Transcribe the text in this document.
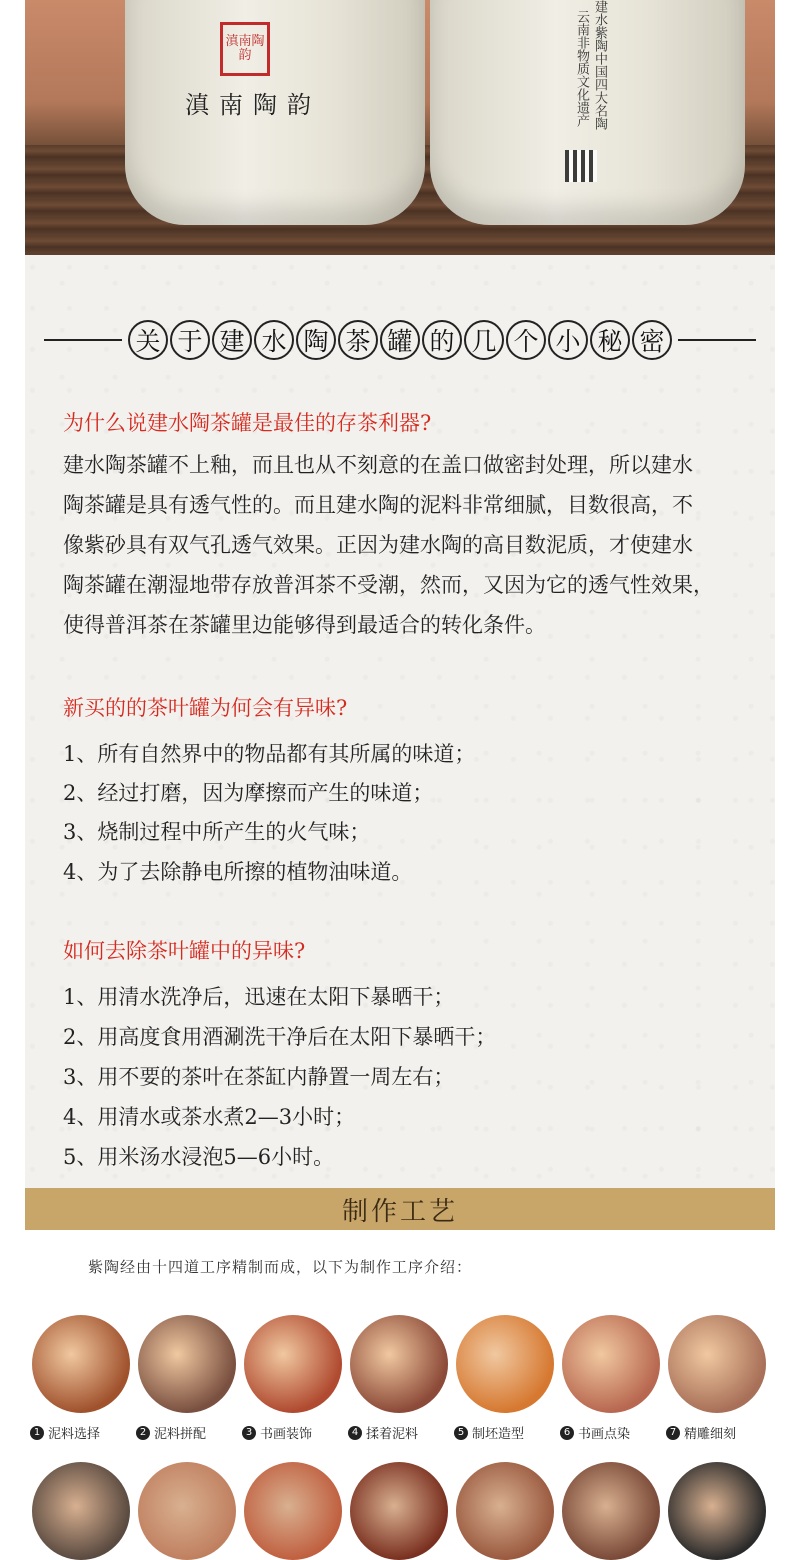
滇南陶韵
滇南陶韵	建水紫陶中国四大名陶
云南非物质文化遗产
关 于 建 水 陶 茶 罐 的 几 个 小 秘 密
为什么说建水陶茶罐是最佳的存茶利器?
建水陶茶罐不上釉，而且也从不刻意的在盖口做密封处理，所以建水
陶茶罐是具有透气性的。而且建水陶的泥料非常细腻，目数很高，不
像紫砂具有双气孔透气效果。正因为建水陶的高目数泥质，才使建水
陶茶罐在潮湿地带存放普洱茶不受潮，然而，又因为它的透气性效果，
使得普洱茶在茶罐里边能够得到最适合的转化条件。
新买的的茶叶罐为何会有异味?
1、所有自然界中的物品都有其所属的味道；
2、经过打磨，因为摩擦而产生的味道；
3、烧制过程中所产生的火气味；
4、为了去除静电所擦的植物油味道。
如何去除茶叶罐中的异味?
1、用清水洗净后，迅速在太阳下暴晒干；
2、用高度食用酒涮洗干净后在太阳下暴晒干；
3、用不要的茶叶在茶缸内静置一周左右；
4、用清水或茶水煮2—3小时；
5、用米汤水浸泡5—6小时。
制作工艺
紫陶经由十四道工序精制而成，以下为制作工序介绍：
1 泥料选择	2 泥料拼配	3 书画装饰	4 揉着泥料	5 制坯造型	6 书画点染	7 精雕细刻
